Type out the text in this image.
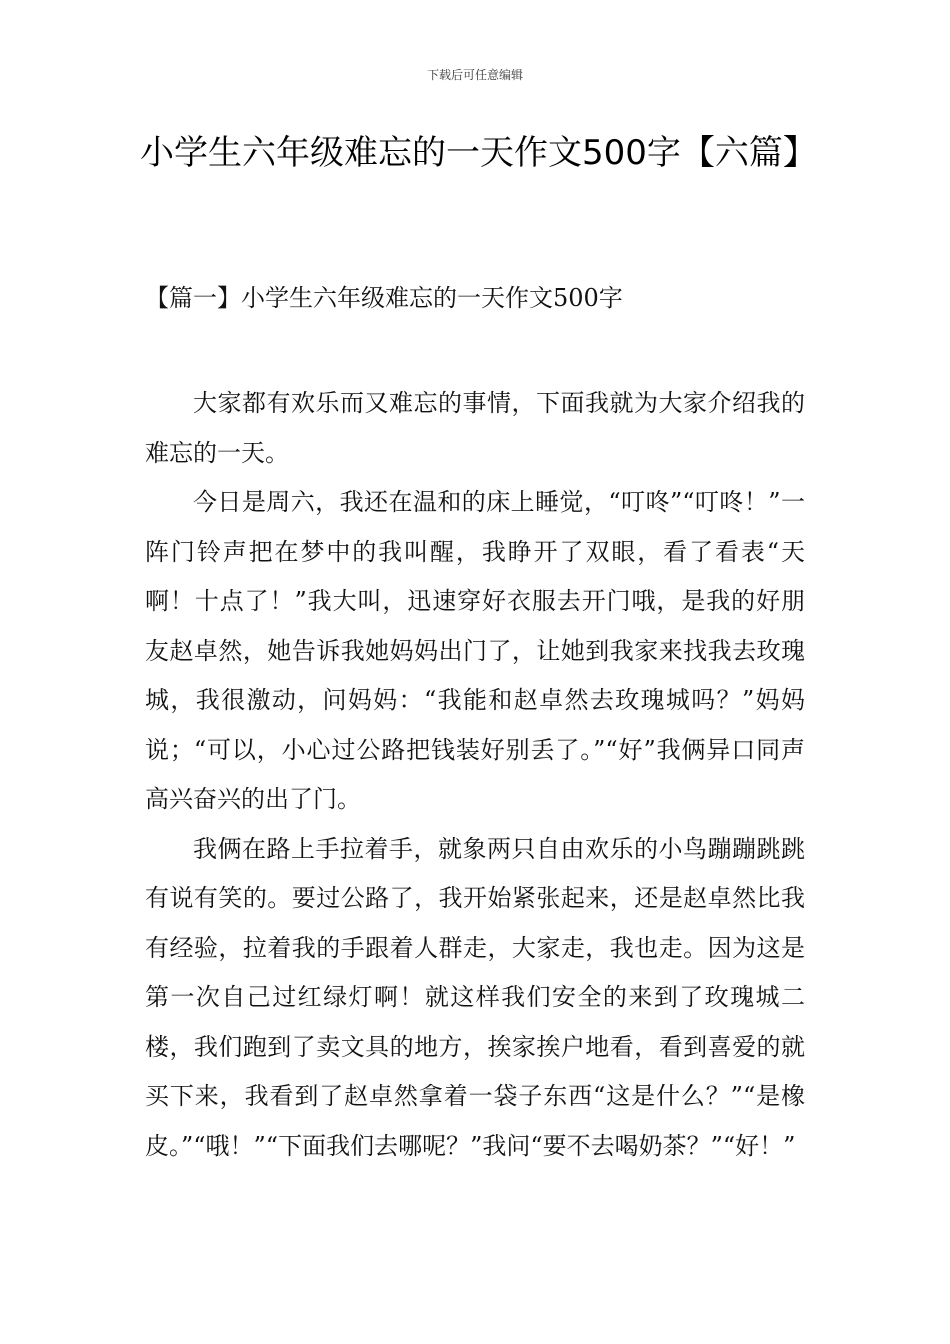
下载后可任意编辑
小学生六年级难忘的一天作文500字【六篇】
【篇一】小学生六年级难忘的一天作文500字

大家都有欢乐而又难忘的事情，下面我就为大家介绍我的难忘的一天。

今日是周六，我还在温和的床上睡觉，“叮咚”“叮咚！”一阵门铃声把在梦中的我叫醒，我睁开了双眼，看了看表“天啊！十点了！”我大叫，迅速穿好衣服去开门哦，是我的好朋友赵卓然，她告诉我她妈妈出门了，让她到我家来找我去玫瑰城，我很激动，问妈妈：“我能和赵卓然去玫瑰城吗？”妈妈说；“可以，小心过公路把钱装好别丢了。”“好”我俩异口同声高兴奋兴的出了门。

我俩在路上手拉着手，就象两只自由欢乐的小鸟蹦蹦跳跳有说有笑的。要过公路了，我开始紧张起来，还是赵卓然比我有经验，拉着我的手跟着人群走，大家走，我也走。因为这是第一次自己过红绿灯啊！就这样我们安全的来到了玫瑰城二楼，我们跑到了卖文具的地方，挨家挨户地看，看到喜爱的就买下来，我看到了赵卓然拿着一袋子东西“这是什么？”“是橡皮。”“哦！”“下面我们去哪呢？”我问“要不去喝奶茶？”“好！”
